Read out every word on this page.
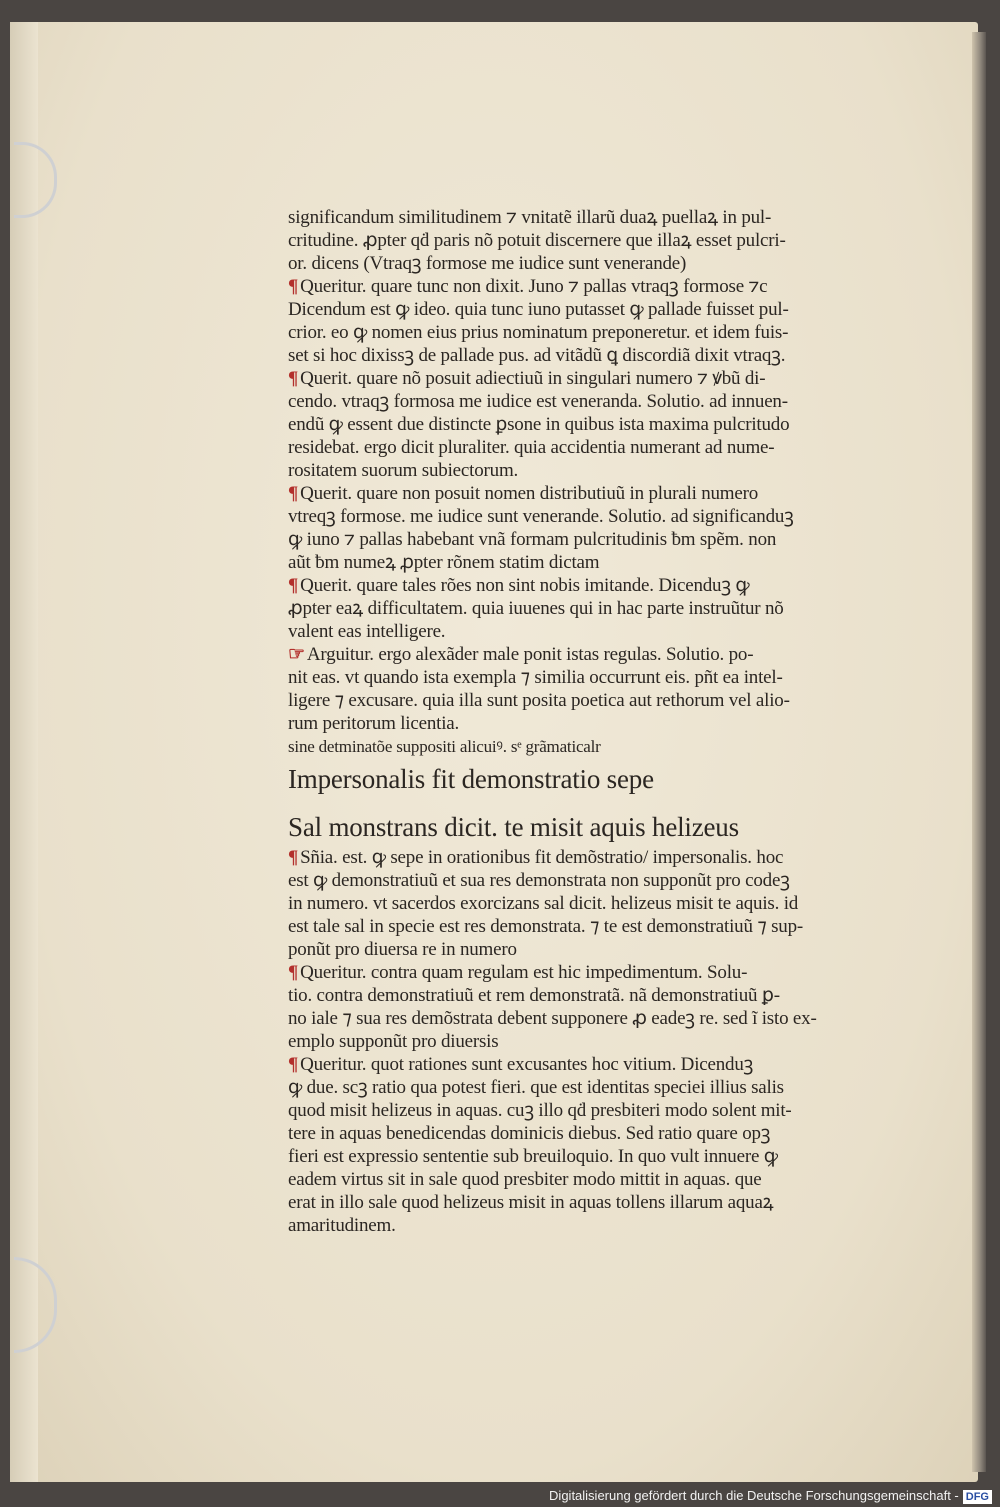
significandum similitudinem ⁊ vnitatẽ illarũ duaꝝ puellaꝝ in pul-
critudine. ꝓpter qḋ paris nõ potuit discernere que illaꝝ esset pulcri-
or. dicens (Vtraqꝫ formose me iudice sunt venerande)
¶ Queritur. quare tunc non dixit. Juno ⁊ pallas vtraqꝫ formose ⁊c
Dicendum est ꝙ ideo. quia tunc iuno putasset ꝙ pallade fuisset pul-
crior. eo ꝙ nomen eius prius nominatum preponeretur. et idem fuis-
set si hoc dixissꝫ de pallade pus. ad vitãdũ ꝗ discordiã dixit vtraqꝫ.
¶ Querit. quare nõ posuit adiectiuũ in singulari numero ⁊ ꝟbũ di-
cendo. vtraqꝫ formosa me iudice est veneranda. Solutio. ad innuen-
endũ ꝙ essent due distincte ꝑsone in quibus ista maxima pulcritudo
residebat. ergo dicit pluraliter. quia accidentia numerant ad nume-
rositatem suorum subiectorum.
¶ Querit. quare non posuit nomen distributiuũ in plurali numero
vtreqꝫ formose. me iudice sunt venerande. Solutio. ad significanduꝫ
ꝙ iuno ⁊ pallas habebant vnã formam pulcritudinis ƀm spẽm. non
aũt ƀm numeꝝ ꝓpter rõnem statim dictam
¶ Querit. quare tales rões non sint nobis imitande. Dicenduꝫ ꝙ
ꝓpter eaꝝ difficultatem. quia iuuenes qui in hac parte instruũtur nõ
valent eas intelligere.
☞ Arguitur. ergo alexãder male ponit istas regulas. Solutio. po-
nit eas. vt quando ista exempla ⁊ similia occurrunt eis. pñt ea intel-
ligere ⁊ excusare. quia illa sunt posita poetica aut rethorum vel alio-
rum peritorum licentia.
sine detminatõe suppositi alicuiꝰ. sᵉ grãmaticalr
Impersonalis fit demonstratio sepe
Sal monstrans dicit. te misit aquis helizeus
¶ Sñia. est. ꝙ sepe in orationibus fit demõstratio/ impersonalis. hoc
est ꝙ demonstratiuũ et sua res demonstrata non supponũt pro codeꝫ
in numero. vt sacerdos exorcizans sal dicit. helizeus misit te aquis. id
est tale sal in specie est res demonstrata. ⁊ te est demonstratiuũ ⁊ sup-
ponũt pro diuersa re in numero
¶ Queritur. contra quam regulam est hic impedimentum. Solu-
tio. contra demonstratiuũ et rem demonstratã. nã demonstratiuũ ꝑ-
no iale ⁊ sua res demõstrata debent supponere ꝓ eadeꝫ re. sed ĩ isto ex-
emplo supponũt pro diuersis
¶ Queritur. quot rationes sunt excusantes hoc vitium. Dicenduꝫ
ꝙ due. scꝫ ratio qua potest fieri. que est identitas speciei illius salis
quod misit helizeus in aquas. cuꝫ illo qḋ presbiteri modo solent mit-
tere in aquas benedicendas dominicis diebus. Sed ratio quare opꝫ
fieri est expressio sententie sub breuiloquio. In quo vult innuere ꝙ
eadem virtus sit in sale quod presbiter modo mittit in aquas. que
erat in illo sale quod helizeus misit in aquas tollens illarum aquaꝝ
amaritudinem.
Digitalisierung gefördert durch die Deutsche Forschungsgemeinschaft - DFG
